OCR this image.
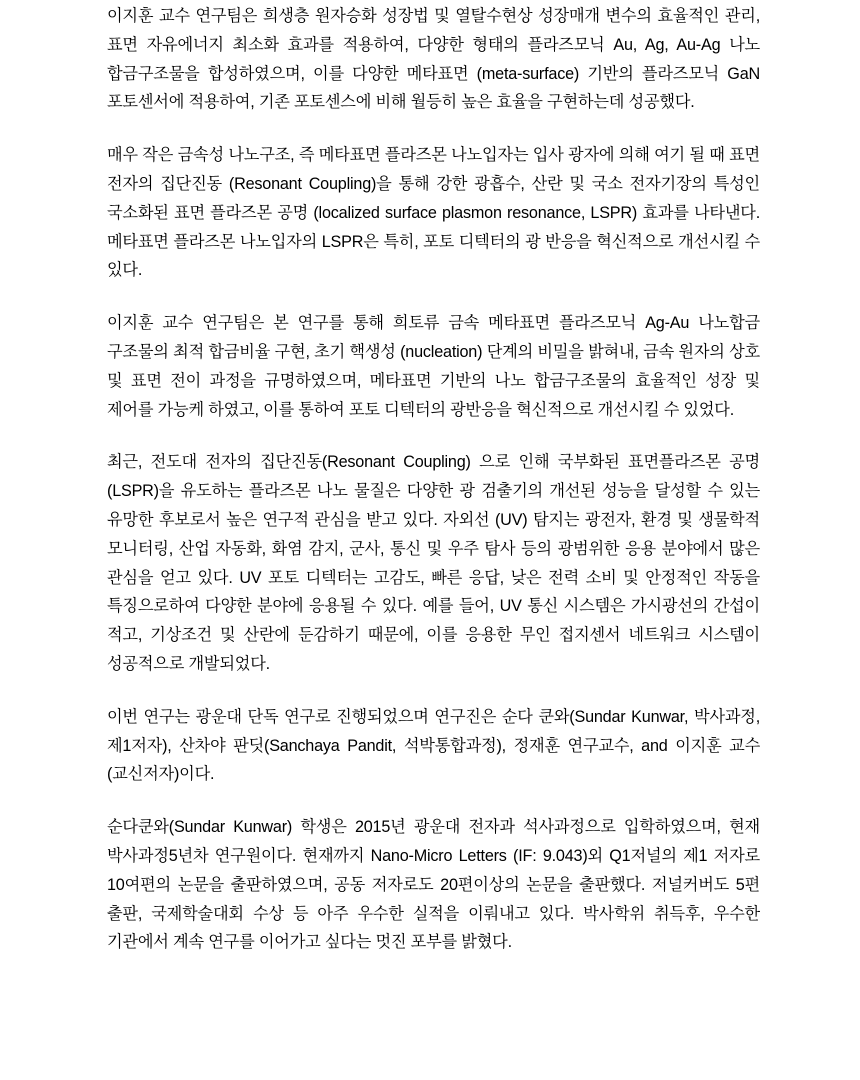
이지훈 교수 연구팀은 희생층 원자승화 성장법 및 열탈수현상 성장매개 변수의 효율적인 관리, 표면 자유에너지 최소화 효과를 적용하여, 다양한 형태의 플라즈모닉 Au, Ag, Au-Ag 나노 합금구조물을 합성하였으며, 이를 다양한 메타표면 (meta-surface) 기반의 플라즈모닉 GaN 포토센서에 적용하여, 기존 포토센스에 비해 월등히 높은 효율을 구현하는데 성공했다.

매우 작은 금속성 나노구조, 즉 메타표면 플라즈몬 나노입자는 입사 광자에 의해 여기 될 때 표면 전자의 집단진동 (Resonant Coupling)을 통해 강한 광흡수, 산란 및 국소 전자기장의 특성인 국소화된 표면 플라즈몬 공명 (localized surface plasmon resonance, LSPR) 효과를 나타낸다. 메타표면 플라즈몬 나노입자의 LSPR은 특히, 포토 디텍터의 광 반응을 혁신적으로 개선시킬 수 있다.

이지훈 교수 연구팀은 본 연구를 통해 희토류 금속 메타표면 플라즈모닉 Ag-Au 나노합금 구조물의 최적 합금비율 구현, 초기 핵생성 (nucleation) 단계의 비밀을 밝혀내, 금속 원자의 상호 및 표면 전이 과정을 규명하였으며, 메타표면 기반의 나노 합금구조물의 효율적인 성장 및 제어를 가능케 하였고, 이를 통하여 포토 디텍터의 광반응을 혁신적으로 개선시킬 수 있었다.

최근, 전도대 전자의 집단진동(Resonant Coupling) 으로 인해 국부화된 표면플라즈몬 공명 (LSPR)을 유도하는 플라즈몬 나노 물질은 다양한 광 검출기의 개선된 성능을 달성할 수 있는 유망한 후보로서 높은 연구적 관심을 받고 있다. 자외선 (UV) 탐지는 광전자, 환경 및 생물학적 모니터링, 산업 자동화, 화염 감지, 군사, 통신 및 우주 탐사 등의 광범위한 응용 분야에서 많은 관심을 얻고 있다. UV 포토 디텍터는 고감도, 빠른 응답, 낮은 전력 소비 및 안정적인 작동을 특징으로하여 다양한 분야에 응용될 수 있다. 예를 들어, UV 통신 시스템은 가시광선의 간섭이 적고, 기상조건 및 산란에 둔감하기 때문에, 이를 응용한 무인 접지센서 네트워크 시스템이 성공적으로 개발되었다.

이번 연구는 광운대 단독 연구로 진행되었으며 연구진은 순다 쿤와(Sundar Kunwar, 박사과정, 제1저자), 산차야 판딧(Sanchaya Pandit, 석박통합과정), 정재훈 연구교수, and 이지훈 교수(교신저자)이다.

순다쿤와(Sundar Kunwar) 학생은 2015년 광운대 전자과 석사과정으로 입학하였으며, 현재 박사과정5년차 연구원이다. 현재까지 Nano-Micro Letters (IF: 9.043)외 Q1저널의 제1 저자로 10여편의 논문을 출판하였으며, 공동 저자로도 20편이상의 논문을 출판했다. 저널커버도 5편 출판, 국제학술대회 수상 등 아주 우수한 실적을 이뤄내고 있다. 박사학위 취득후, 우수한 기관에서 계속 연구를 이어가고 싶다는 멋진 포부를 밝혔다.
